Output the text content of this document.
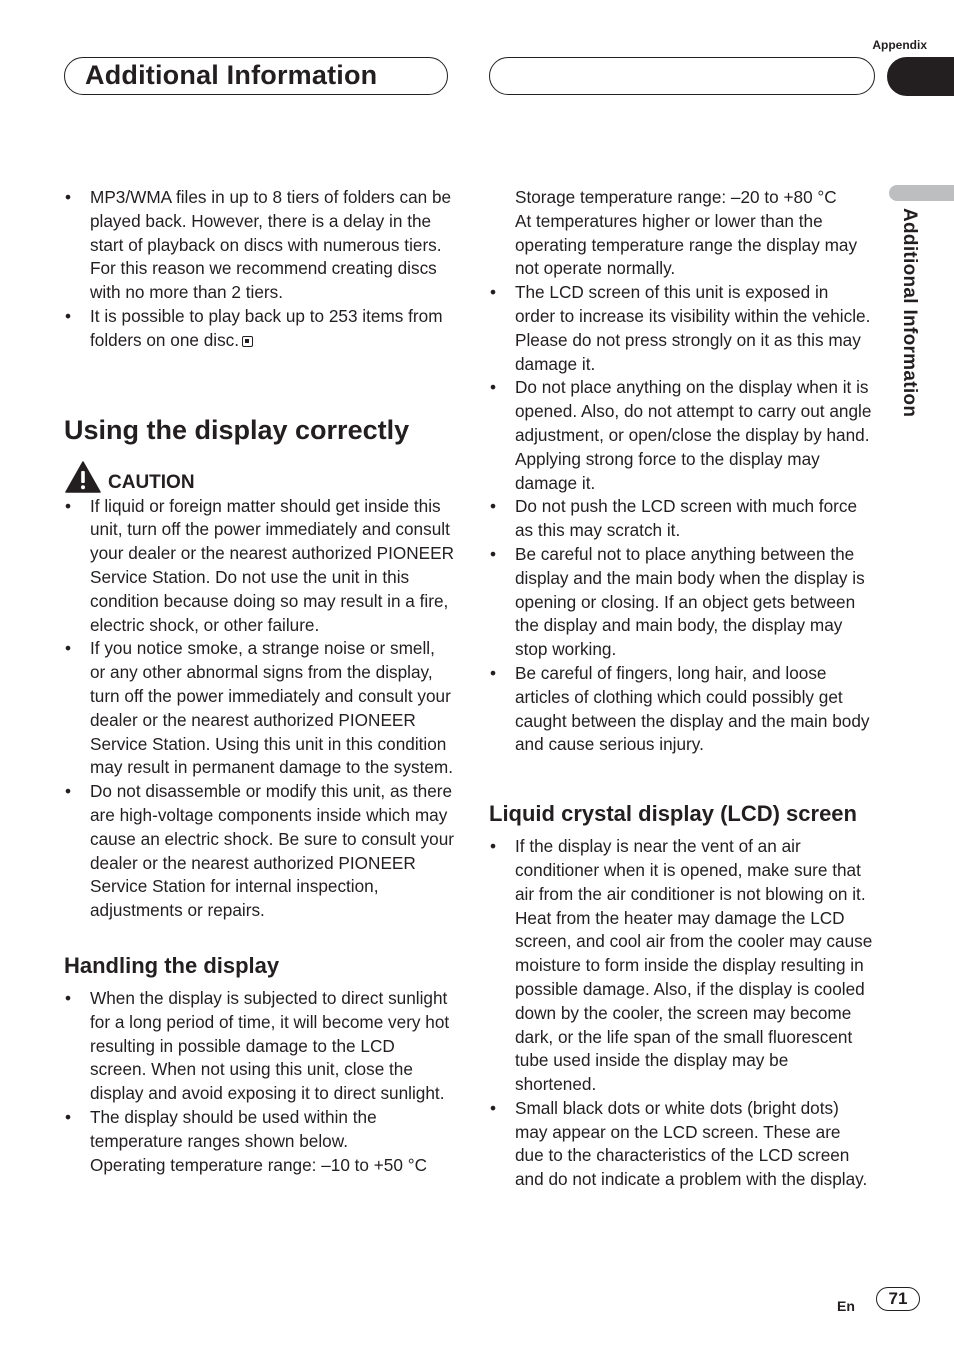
Appendix
Additional Information
Additional Information
• MP3/WMA files in up to 8 tiers of folders can be played back. However, there is a delay in the start of playback on discs with numerous tiers. For this reason we recommend creating discs with no more than 2 tiers.
• It is possible to play back up to 253 items from folders on one disc.
Using the display correctly
CAUTION
• If liquid or foreign matter should get inside this unit, turn off the power immediately and consult your dealer or the nearest authorized PIONEER Service Station. Do not use the unit in this condition because doing so may result in a fire, electric shock, or other failure.
• If you notice smoke, a strange noise or smell, or any other abnormal signs from the display, turn off the power immediately and consult your dealer or the nearest authorized PIONEER Service Station. Using this unit in this condition may result in permanent damage to the system.
• Do not disassemble or modify this unit, as there are high-voltage components inside which may cause an electric shock. Be sure to consult your dealer or the nearest authorized PIONEER Service Station for internal inspection, adjustments or repairs.
Handling the display
• When the display is subjected to direct sunlight for a long period of time, it will become very hot resulting in possible damage to the LCD screen. When not using this unit, close the display and avoid exposing it to direct sunlight.
• The display should be used within the temperature ranges shown below.
Operating temperature range: –10 to +50 °C
Storage temperature range: –20 to +80 °C
At temperatures higher or lower than the operating temperature range the display may not operate normally.
• The LCD screen of this unit is exposed in order to increase its visibility within the vehicle. Please do not press strongly on it as this may damage it.
• Do not place anything on the display when it is opened. Also, do not attempt to carry out angle adjustment, or open/close the display by hand. Applying strong force to the display may damage it.
• Do not push the LCD screen with much force as this may scratch it.
• Be careful not to place anything between the display and the main body when the display is opening or closing. If an object gets between the display and main body, the display may stop working.
• Be careful of fingers, long hair, and loose articles of clothing which could possibly get caught between the display and the main body and cause serious injury.
Liquid crystal display (LCD) screen
• If the display is near the vent of an air conditioner when it is opened, make sure that air from the air conditioner is not blowing on it. Heat from the heater may damage the LCD screen, and cool air from the cooler may cause moisture to form inside the display resulting in possible damage. Also, if the display is cooled down by the cooler, the screen may become dark, or the life span of the small fluorescent tube used inside the display may be shortened.
• Small black dots or white dots (bright dots) may appear on the LCD screen. These are due to the characteristics of the LCD screen and do not indicate a problem with the display.
En	71
